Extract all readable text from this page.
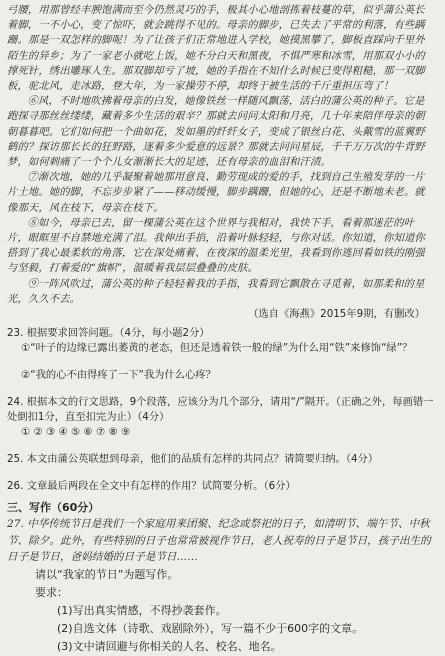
弓腰，用那曾经丰腴饱满而至今仍然灵巧的手，极其小心地剖拣着枝蔓的草，似乎蒲公英长着脚，一不小心，变了惊吓，就会跳得不见的。母亲的脚步，已失去了平常的利落，有些蹒跚。那是一双怎样的脚呢！为了让孩子们正常地进入学校，她摸黑攀了，脚板直踩向千里外陌生的异乡；为了一家老小就吃上饭，她不分白天和黑夜，不惧严寒和冰雪，用那双小小的撑死针，绣出雕琢人生。那双脚却亏了坡，她的手指在不知什么时候已变得粗糙，那一双脚板，驼北风，走冰路，登大年，为一家操劳不停，却终于被生活的千斤重担压弯了！

⑥风，不时地吹拂着母亲的白发，她像铁丝一样随风飘荡，活白的蒲公英的种子。它是跑探寻那丝丝缕缕，藏着多少生活的艰辛？那就去问问太阳和月亮，几十年来陪伴母亲的朝朝暮暮吧。它们如何把一个曲如花，发如墨的纤纤女子，变成了银丝白花、头戴雪的蓝翼野鹤的？探访那长长的狂野路，逐着多少爱意的远景？那就去问问星辰，千千万万次的牛背野梦，如何刺痛了一个个儿女渐渐长大的足迹，还有母亲的血泪和汗渍。

⑦渐次地，她的几乎凝聚着她那用意良、勤劳现成的爱的手，找到自己生殖发芽的一片片土地。她的脚，不忘步步紧了——移动缓慢，脚步蹒跚，但她的心，还是不断地未老。就像那天，风在枝下，母亲在枝下。

⑧如今，母亲已去，留一棵蒲公英在这个世界与我相对，我快下手，看着那迷茫的叶片，眼眶里不自禁地充满了泪。我伸出手掐，沿着叶脉轻轻，与你对话。你知道，你知道你搭到了我心最柔软的角落，它在深处痛着、在夜深的温柔光里，我看到你逃回看如铁的刚强与坚毅，打着爱的“旗帜”，温暖着我层层叠叠的皮肤。

⑨一阵风吹过，蒲公英的种子轻轻着我的手指，我看到它飘散在寻觅着，如那柔和的星光，久久不去。

（选自《海燕》2015年9期，有删改）

23. 根据要求回答问题。（4分，每小题2分）

①“叶子的边缘已露出萎黄的老态，但还是透着铁一般的绿”为什么用“铁”来修饰“绿”？

②“我的心不由得疼了一下”我为什么心疼？

24. 根据本文的行文思路，9个段落，应该分为几个部分，请用“/”隔开。（正确之外，每画错一处倒扣1分，直至扣完为止）（4分）

① ② ③ ④ ⑤ ⑥ ⑦ ⑧ ⑨

25. 本文由蒲公英联想到母亲，他们的品质有怎样的共同点？请简要归纳。（4分）

26. 文章最后两段在全文中有怎样的作用？试简要分析。（6分）

三、写作（60分）

27. 中华传统节日是我们一个家庭用来团聚、纪念或祭祀的日子，如清明节、端午节、中秋节、除夕。此外，有些特别的日子也常常被视作节日，老人祝寿的日子是节日，孩子出生的日子是节日，爸妈结婚的日子是节日……

请以“我家的节日”为题写作。

要求：

(1)写出真实情感，不得抄袭套作。

(2)自选文体（诗歌、戏剧除外），写一篇不少于600字的文章。

(3)文中请回避与你相关的人名、校名、地名。
